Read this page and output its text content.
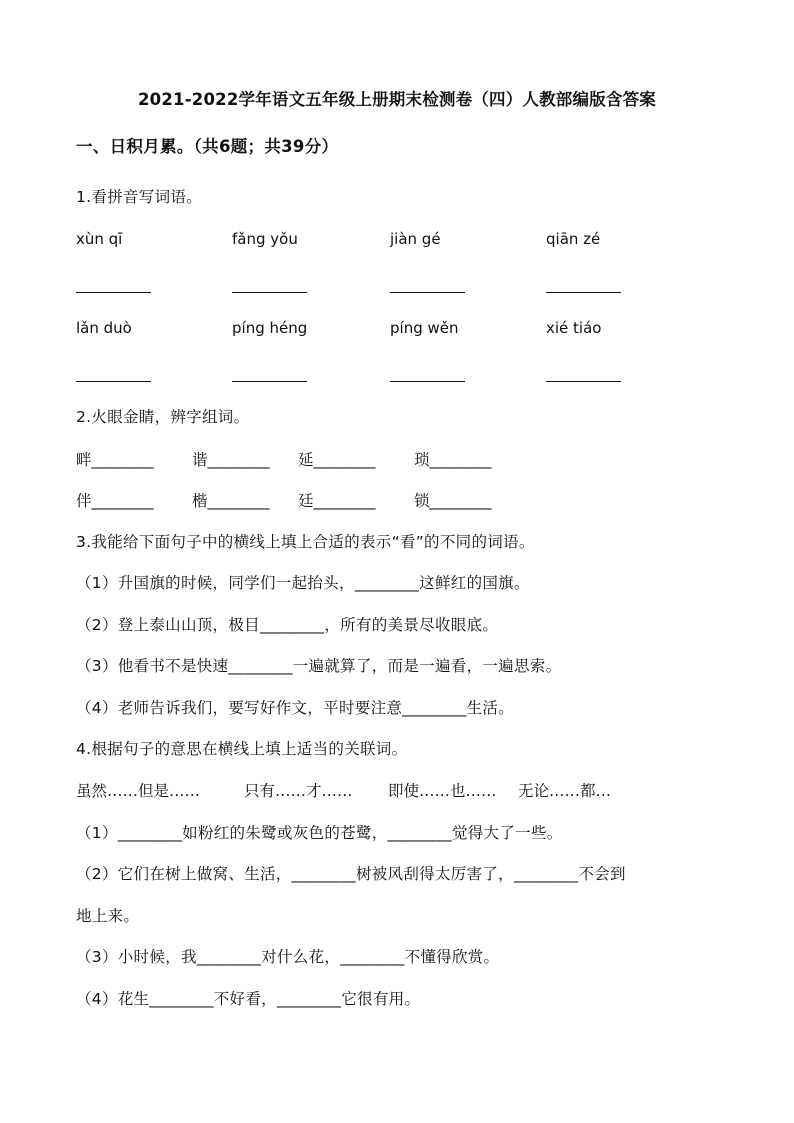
2021-2022学年语文五年级上册期末检测卷（四）人教部编版含答案
一、日积月累。（共6题；共39分）
1.看拼音写词语。
xùn qī	fǎng yǒu	jiàn gé	qiān zé
lǎn duò	píng héng	píng wěn	xié tiáo
2.火眼金睛，辨字组词。
畔________ 谐________ 延________ 琐________
伴________ 楷________ 廷________ 锁________
3.我能给下面句子中的横线上填上合适的表示“看”的不同的词语。
（1）升国旗的时候，同学们一起抬头，________这鲜红的国旗。
（2）登上泰山山顶，极目________，所有的美景尽收眼底。
（3）他看书不是快速________一遍就算了，而是一遍看，一遍思索。
（4）老师告诉我们，要写好作文，平时要注意________生活。
4.根据句子的意思在横线上填上适当的关联词。
虽然……但是……	只有……才…… 即使……也…… 无论……都…
（1）________如粉红的朱鹭或灰色的苍鹭，________觉得大了一些。
（2）它们在树上做窝、生活，________树被风刮得太厉害了，________不会到
地上来。
（3）小时候，我________对什么花，________不懂得欣赏。
（4）花生________不好看，________它很有用。
